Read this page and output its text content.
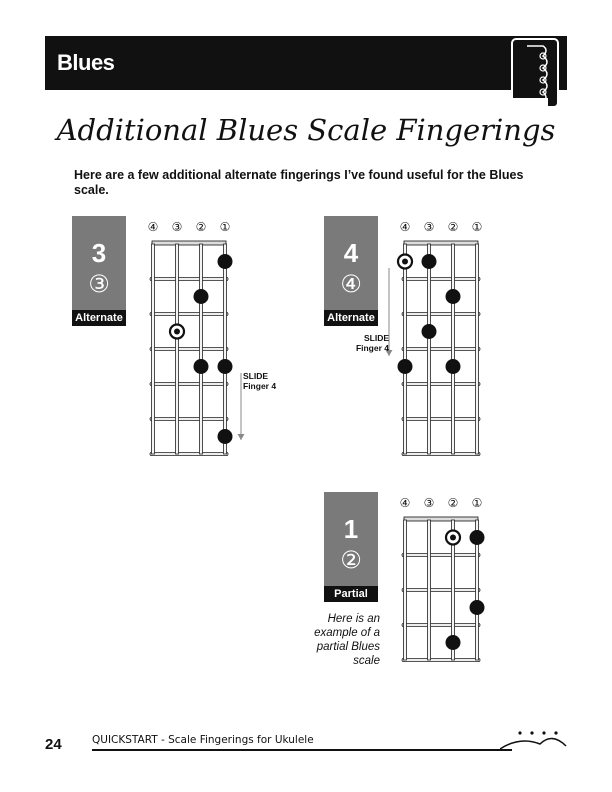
Blues
Additional Blues Scale Fingerings
Here are a few additional alternate fingerings I’ve found useful for the Blues scale.
3
③
Alternate
④ ③ ② ①
SLIDE
Finger 4
4
④
Alternate
④ ③ ② ①
SLIDE
Finger 4
1
②
Partial
④ ③ ② ①
Here is an
example of a
partial Blues
scale
24	QUICKSTART - Scale Fingerings for Ukulele
